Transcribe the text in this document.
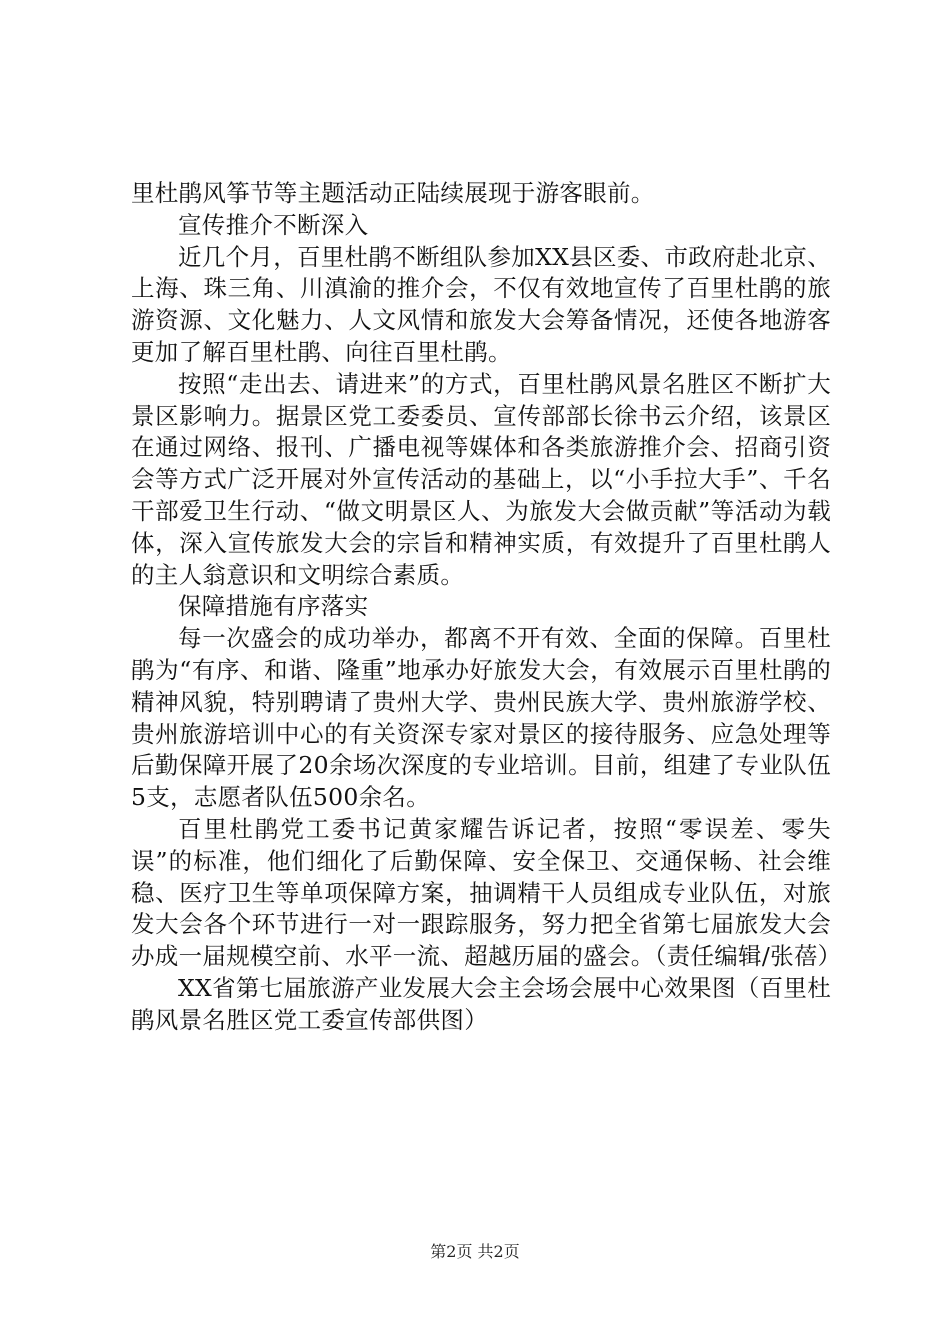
里杜鹃风筝节等主题活动正陆续展现于游客眼前。

宣传推介不断深入

近几个月，百里杜鹃不断组队参加XX县区委、市政府赴北京、上海、珠三角、川滇渝的推介会，不仅有效地宣传了百里杜鹃的旅游资源、文化魅力、人文风情和旅发大会筹备情况，还使各地游客更加了解百里杜鹃、向往百里杜鹃。

按照“走出去、请进来”的方式，百里杜鹃风景名胜区不断扩大景区影响力。据景区党工委委员、宣传部部长徐书云介绍，该景区在通过网络、报刊、广播电视等媒体和各类旅游推介会、招商引资会等方式广泛开展对外宣传活动的基础上，以“小手拉大手”、千名干部爱卫生行动、“做文明景区人、为旅发大会做贡献”等活动为载体，深入宣传旅发大会的宗旨和精神实质，有效提升了百里杜鹃人的主人翁意识和文明综合素质。

保障措施有序落实

每一次盛会的成功举办，都离不开有效、全面的保障。百里杜鹃为“有序、和谐、隆重”地承办好旅发大会，有效展示百里杜鹃的精神风貌，特别聘请了贵州大学、贵州民族大学、贵州旅游学校、贵州旅游培训中心的有关资深专家对景区的接待服务、应急处理等后勤保障开展了20余场次深度的专业培训。目前，组建了专业队伍5支，志愿者队伍500余名。

百里杜鹃党工委书记黄家耀告诉记者，按照“零误差、零失误”的标准，他们细化了后勤保障、安全保卫、交通保畅、社会维稳、医疗卫生等单项保障方案，抽调精干人员组成专业队伍，对旅发大会各个环节进行一对一跟踪服务，努力把全省第七届旅发大会办成一届规模空前、水平一流、超越历届的盛会。（责任编辑/张蓓）

XX省第七届旅游产业发展大会主会场会展中心效果图（百里杜鹃风景名胜区党工委宣传部供图）

第2页 共2页
